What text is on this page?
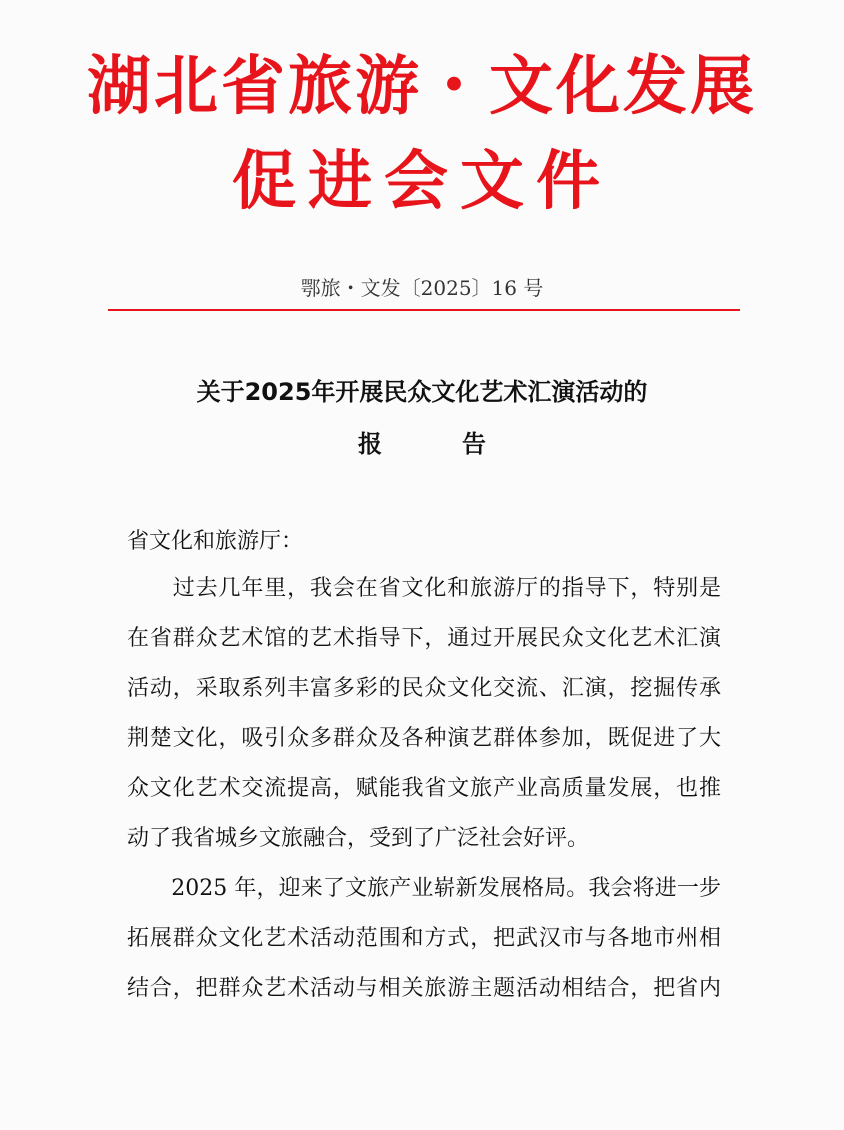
湖北省旅游・文化发展
促进会文件
鄂旅・文发〔2025〕16 号
关于2025年开展民众文化艺术汇演活动的
报	告
省文化和旅游厅：
　　过去几年里，我会在省文化和旅游厅的指导下，特别是
在省群众艺术馆的艺术指导下，通过开展民众文化艺术汇演
活动，采取系列丰富多彩的民众文化交流、汇演，挖掘传承
荆楚文化，吸引众多群众及各种演艺群体参加，既促进了大
众文化艺术交流提高，赋能我省文旅产业高质量发展，也推
动了我省城乡文旅融合，受到了广泛社会好评。
　　2025 年，迎来了文旅产业崭新发展格局。我会将进一步
拓展群众文化艺术活动范围和方式，把武汉市与各地市州相
结合，把群众艺术活动与相关旅游主题活动相结合，把省内
